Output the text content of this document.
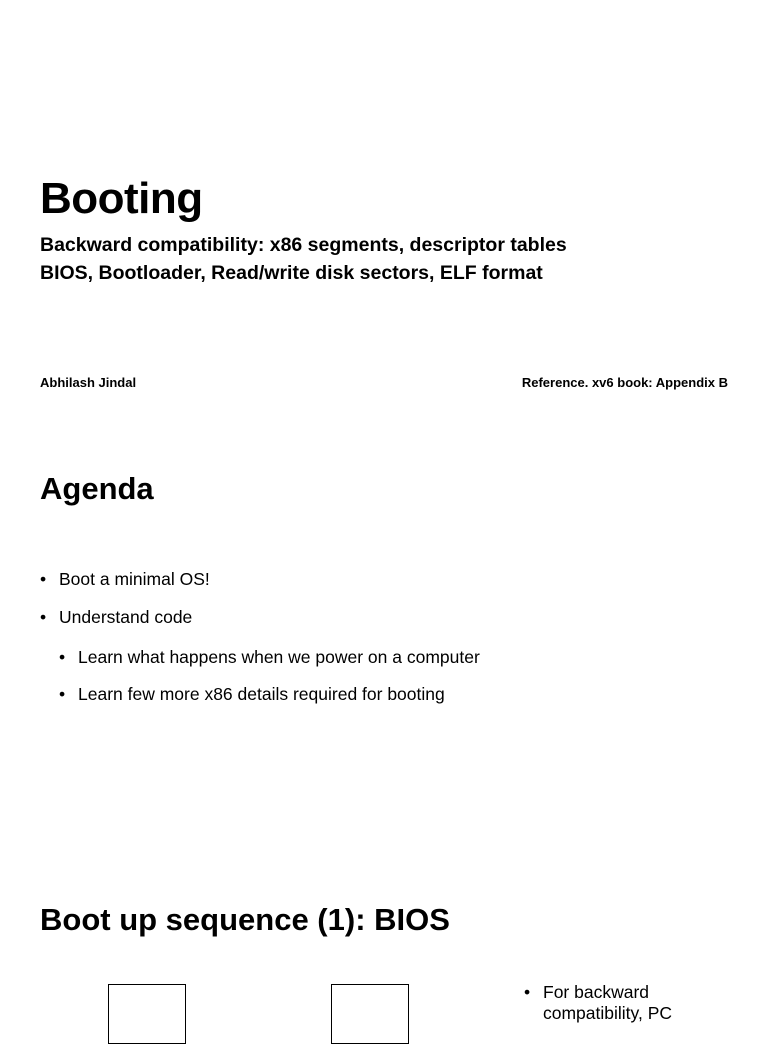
Booting
Backward compatibility: x86 segments, descriptor tables
BIOS, Bootloader, Read/write disk sectors, ELF format
Abhilash Jindal	Reference. xv6 book: Appendix B
Agenda
• Boot a minimal OS!
• Understand code
• Learn what happens when we power on a computer
• Learn few more x86 details required for booting
Boot up sequence (1): BIOS
• For backward
compatibility, PC
